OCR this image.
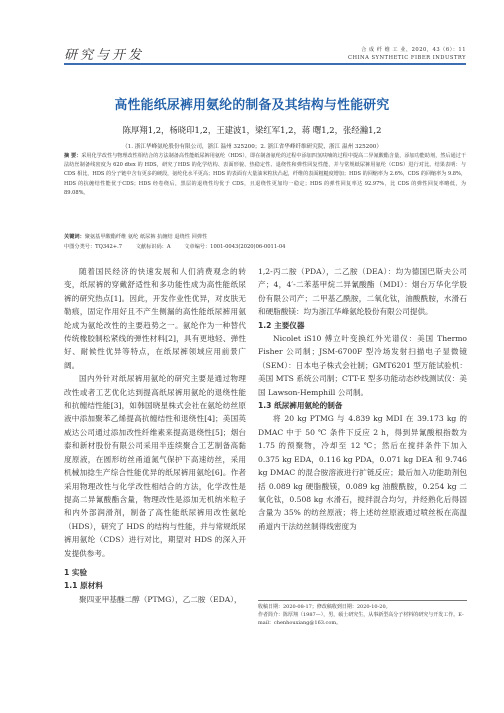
研究与开发	合 成 纤 维 工 业，2020，43（6）：11
CHINA SYNTHETIC FIBER INDUSTRY
高性能纸尿裤用氨纶的制备及其结构与性能研究
陈厚翔1,2，杨晓印1,2，王建波1，梁红军1,2，蒋 曙1,2，张经瀚1,2
（1. 浙江华峰氨纶股份有限公司，浙江 温州 325200；2. 浙江省华峰纤维研究院，浙江 温州 325200）
摘 要：采用化学改性与物理改性相结合的方法制备高性能纸尿裤用氨纶（HDS），即在制备氨纶的过程中添加四氢呋喃的过程中提高二异氰酸酯含量，添加功能助剂，然后通过干法纺丝制备线密度为 620 dtex 的 HDS，研究了HDS 的化学结构、表面形貌、热稳定性、退绕性和弹性回复性能，并与常规纸尿裤用氨纶（CDS）进行对比。结果表明：与 CDS 相比，HDS 的分子链中含有更多的硬段，氨纶化水平更高；HDS 的表面有大量油米粒状凸起，纤维的表面粗糙度增加；HDS 的回缩率为 2.6%，CDS 的回缩率为 9.8%，HDS 的抗缠结性能优于CDS；HDS 经卷绕后，黑层的退绕性均优于 CDS，且退绕性更加均一稳定；HDS 的弹性回复率达 92.97%，比 CDS 的弹性回复率略低，为 89.08%。
关键词：聚氨基甲酸酯纤维 氨纶 纸尿裤 抗缠结 退绕性 回弹性
中图分类号：TQ342+.7	文献标识码：A	文章编号：1001-0043(2020)06-0011-04

随着国民经济的快速发展和人们消费观念的转变，纸尿裤的穿戴舒适性和多功能性成为高性能纸尿裤的研究热点[1]。因此，开发作业性优异，对皮肤无勒痕，固定作用好且不产生侧漏的高性能纸尿裤用氨纶成为氨纶改性的主要趋势之一。氨纶作为一种替代传统橡胶制松紧线的弹性材料[2]，具有更地轻、弹性好、耐候性优异等特点，在纸尿裤领域应用前景广阔。

国内外针对纸尿裤用氨纶的研究主要是通过物理改性或者工艺优化达到提高纸尿裤用氨纶的退绕性能和抗缠结性能[3]，如韩国晓星株式会社在氨纶纺丝原液中添加聚苯乙烯提高抗缠结性和退绕性[4]；美国英威达公司通过添加改性纤维素来提高退绕性[5]；烟台泰和新材股份有限公司采用半连续聚合工艺制备高黏度原液，在圆形纺丝甬道氮气保护下高速纺丝，采用机械加捻生产综合性能优异的纸尿裤用氨纶[6]。作者采用物理改性与化学改性相结合的方法，化学改性是提高二异氰酸酯含量，物理改性是添加无机纳米粒子和内外部润滑剂，制备了高性能纸尿裤用改性氨纶（HDS），研究了 HDS 的结构与性能，并与常规纸尿裤用氨纶（CDS）进行对比，期望对 HDS 的深入开发提供参考。

1 实验

1.1 原材料

聚四亚甲基醚二醇（PTMG），乙二胺（EDA），

1,2-丙二胺（PDA），二乙胺（DEA）：均为德国巴斯夫公司产；4，4′-二苯基甲烷二异氰酸酯（MDI）：烟台万华化学股份有限公司产；二甲基乙酰胺，二氧化钛，油酸酰胺，水滑石和硬脂酸镁：均为浙江华峰氨纶股份有限公司提供。

1.2 主要仪器

Nicolet iS10 傅立叶变换红外光谱仪：美国 Thermo Fisher 公司制；JSM-6700F 型冷场发射扫描电子显微镜（SEM）：日本电子株式会社制；GMT6201 型万能试验机：美国 MTS 系统公司制；CTT-E 型多功能动态纱线测试仪：美国 Lawson-Hemphill 公司制。

1.3 纸尿裤用氨纶的制备

将 20 kg PTMG 与 4.839 kg MDI 在 39.173 kg 的 DMAC 中于 50 ℃ 条件下反应 2 h，得到异氰酸根指数为 1.75 的预聚物，冷却至 12 ℃；然后在搅拌条件下加入 0.375 kg EDA，0.116 kg PDA，0.071 kg DEA 和 9.746 kg DMAC 的混合胺溶液进行扩链反应；最后加入功能助剂包括 0.089 kg 硬脂酸镁，0.089 kg 油酸酰胺，0.254 kg 二氧化钛，0.508 kg 水滑石，搅拌混合均匀，并经熟化后得固含量为 35% 的纺丝原液；将上述纺丝原液通过喷丝板在高温甬道内干法纺丝制得线密度为

收稿日期：2020-08-17；修改稿收到日期：2020-10-20。
作者简介：陈厚翔（1987—），男，硕士研究生，从事新型高分子材料的研究与开发工作。E-mail：chenhouxiang@163.com。
